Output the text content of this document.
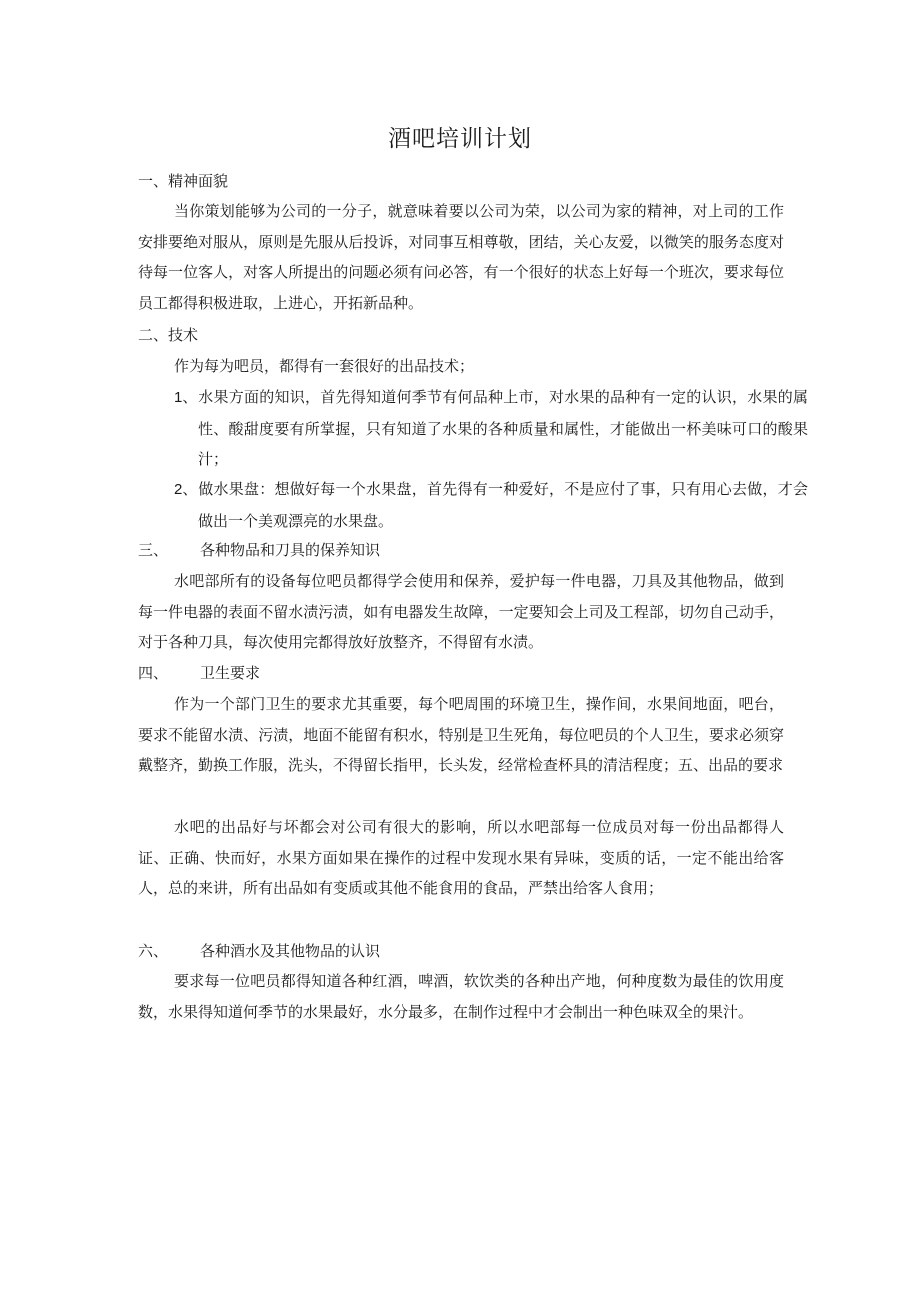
酒吧培训计划
一、精神面貌

当你策划能够为公司的一分子，就意味着要以公司为荣，以公司为家的精神，对上司的工作安排要绝对服从，原则是先服从后投诉，对同事互相尊敬，团结，关心友爱，以微笑的服务态度对待每一位客人，对客人所提出的问题必须有问必答，有一个很好的状态上好每一个班次，要求每位员工都得积极进取，上进心，开拓新品种。

二、技术
作为每为吧员，都得有一套很好的出品技术；

1、水果方面的知识，首先得知道何季节有何品种上市，对水果的品种有一定的认识，水果的属性、酸甜度要有所掌握，只有知道了水果的各种质量和属性，才能做出一杯美味可口的酸果汁；

2、做水果盘：想做好每一个水果盘，首先得有一种爱好，不是应付了事，只有用心去做，才会做出一个美观漂亮的水果盘。

三、 各种物品和刀具的保养知识

水吧部所有的设备每位吧员都得学会使用和保养，爱护每一件电器，刀具及其他物品，做到每一件电器的表面不留水渍污渍，如有电器发生故障，一定要知会上司及工程部，切勿自己动手，对于各种刀具，每次使用完都得放好放整齐，不得留有水渍。

四、 卫生要求

作为一个部门卫生的要求尤其重要，每个吧周围的环境卫生，操作间，水果间地面，吧台，要求不能留水渍、污渍，地面不能留有积水，特别是卫生死角，每位吧员的个人卫生，要求必须穿戴整齐，勤换工作服，洗头，不得留长指甲，长头发，经常检查杯具的清洁程度；五、出品的要求

水吧的出品好与坏都会对公司有很大的影响，所以水吧部每一位成员对每一份出品都得人证、正确、快而好，水果方面如果在操作的过程中发现水果有异味，变质的话，一定不能出给客人，总的来讲，所有出品如有变质或其他不能食用的食品，严禁出给客人食用；

六、 各种酒水及其他物品的认识

要求每一位吧员都得知道各种红酒，啤酒，软饮类的各种出产地，何种度数为最佳的饮用度数，水果得知道何季节的水果最好，水分最多，在制作过程中才会制出一种色味双全的果汁。
